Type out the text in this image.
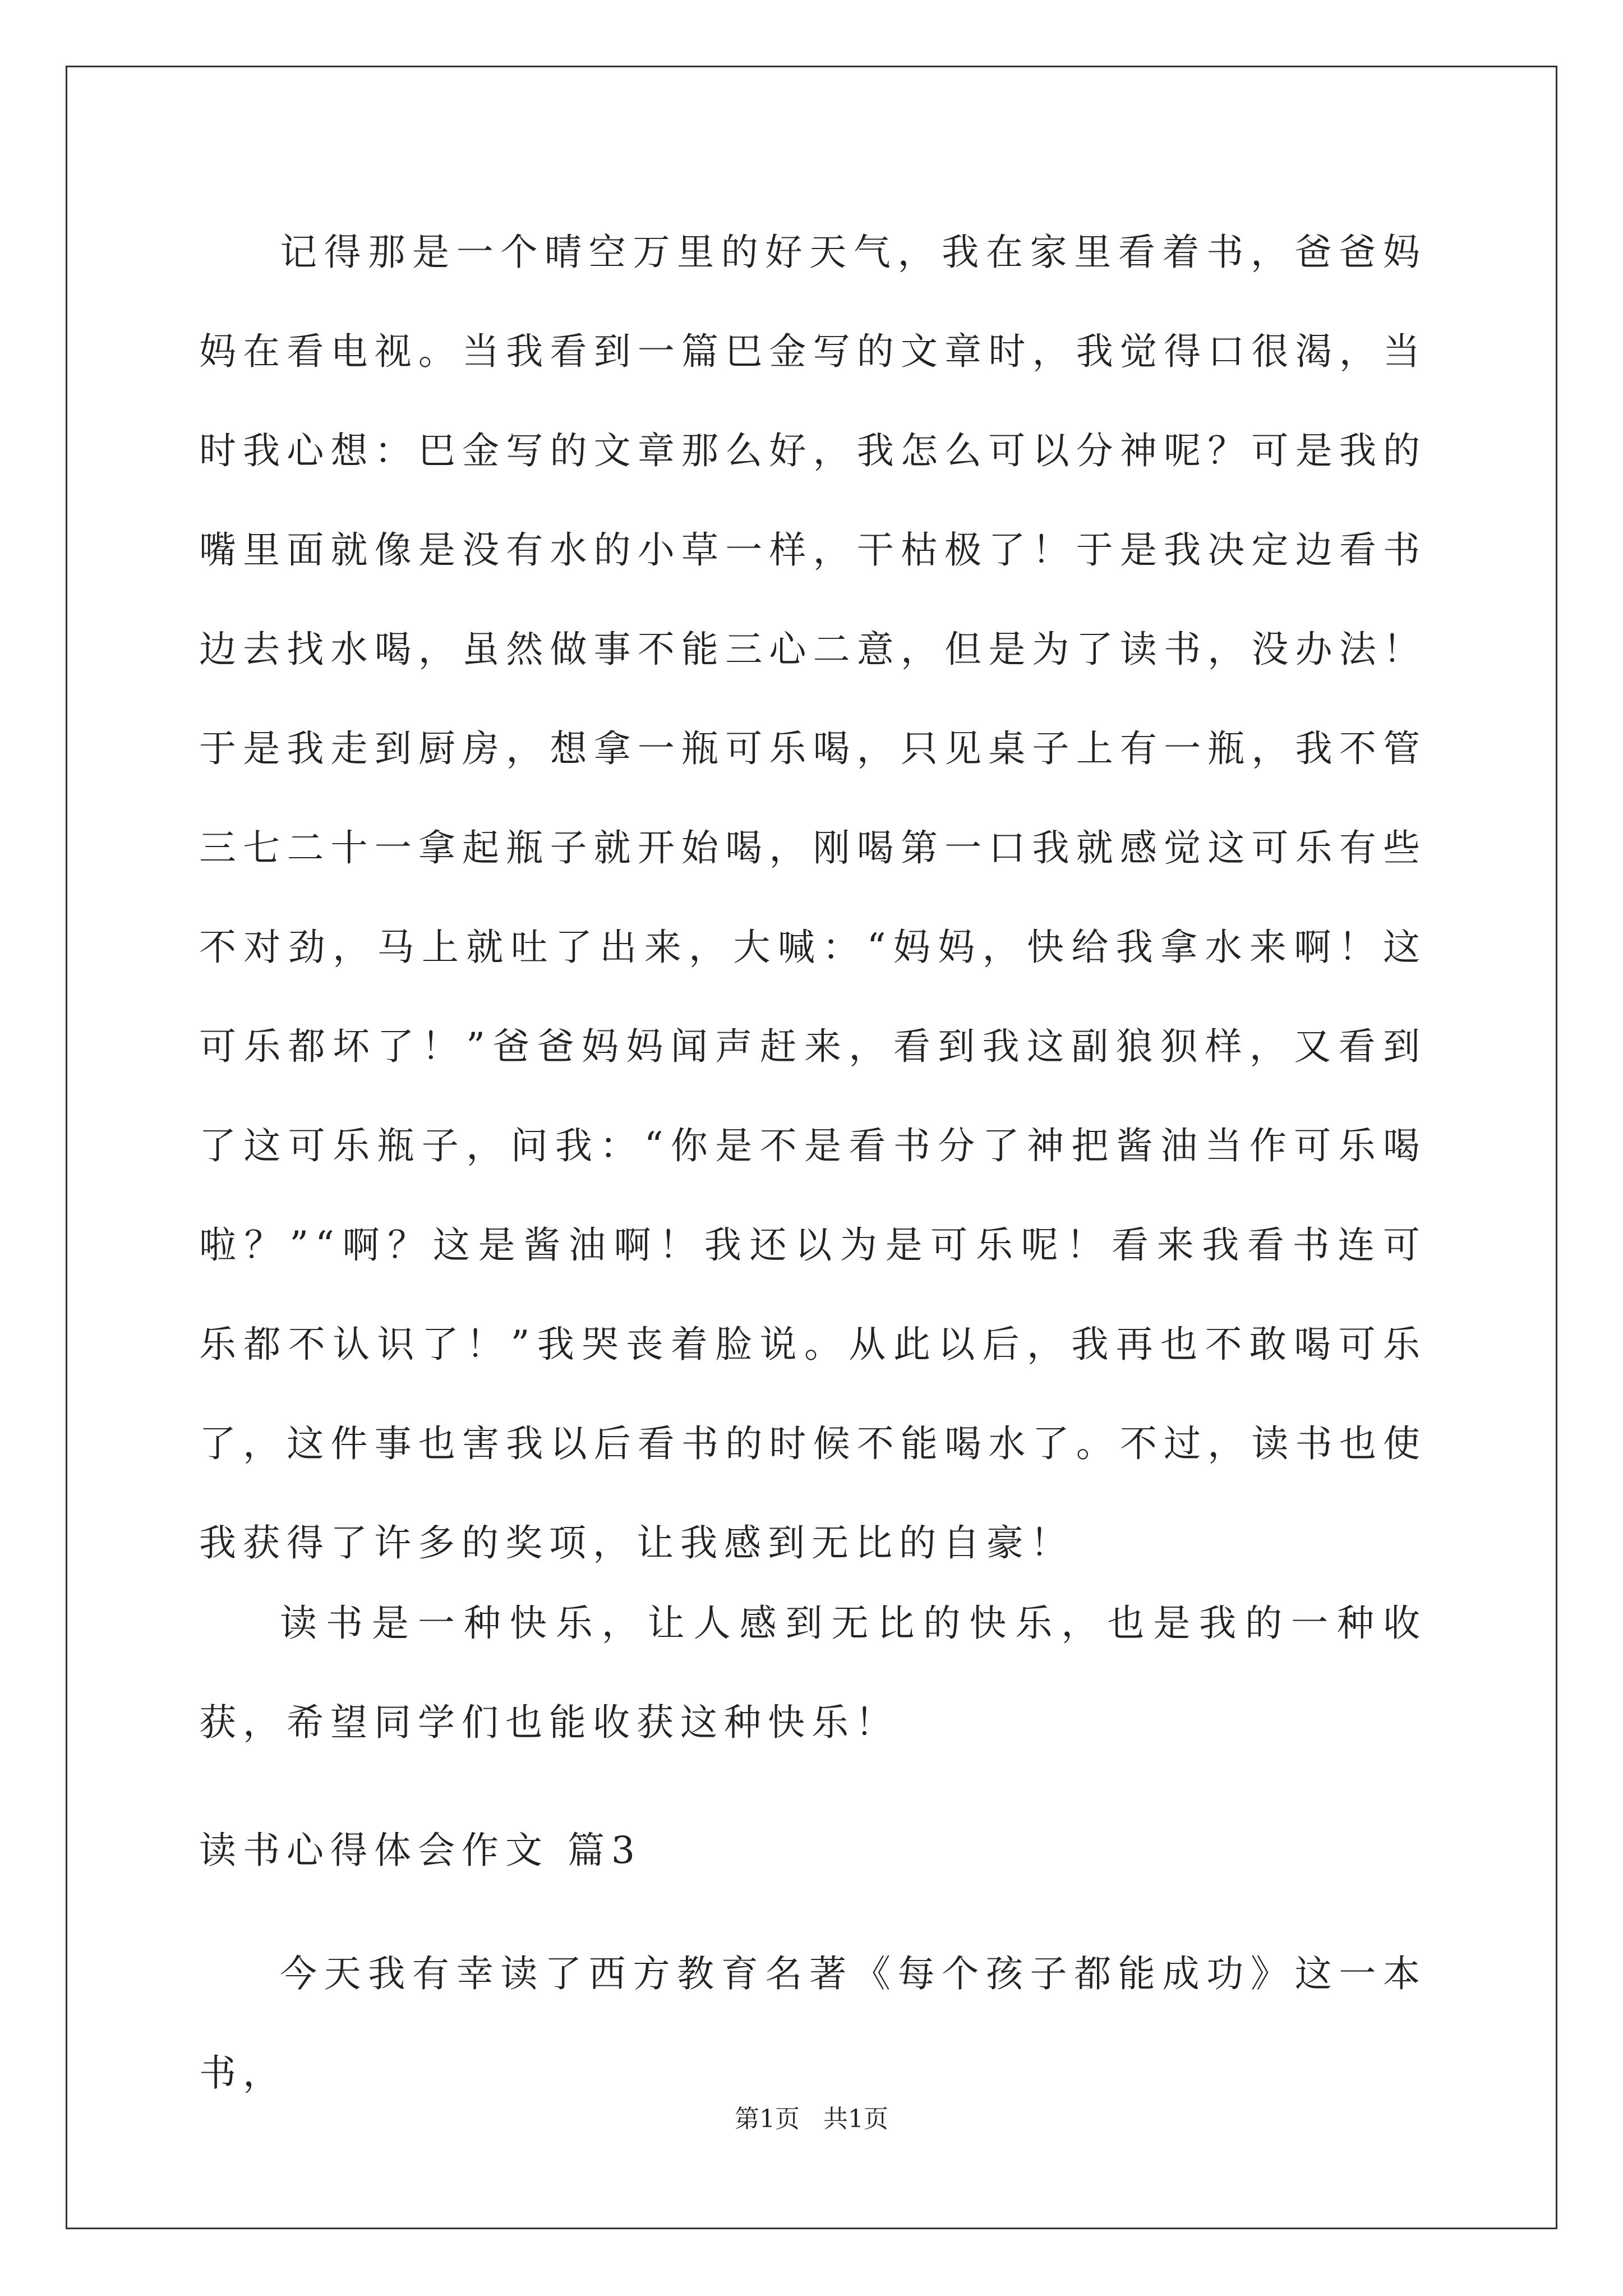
记得那是一个晴空万里的好天气，我在家里看着书，爸爸妈妈在看电视。当我看到一篇巴金写的文章时，我觉得口很渴，当时我心想：巴金写的文章那么好，我怎么可以分神呢？可是我的嘴里面就像是没有水的小草一样，干枯极了！于是我决定边看书边去找水喝，虽然做事不能三心二意，但是为了读书，没办法！于是我走到厨房，想拿一瓶可乐喝，只见桌子上有一瓶，我不管三七二十一拿起瓶子就开始喝，刚喝第一口我就感觉这可乐有些不对劲，马上就吐了出来，大喊：“妈妈，快给我拿水来啊！这可乐都坏了！”爸爸妈妈闻声赶来，看到我这副狼狈样，又看到了这可乐瓶子，问我：“你是不是看书分了神把酱油当作可乐喝啦？”“啊？这是酱油啊！我还以为是可乐呢！看来我看书连可乐都不认识了！”我哭丧着脸说。从此以后，我再也不敢喝可乐了，这件事也害我以后看书的时候不能喝水了。不过，读书也使我获得了许多的奖项，让我感到无比的自豪！

读书是一种快乐，让人感到无比的快乐，也是我的一种收获，希望同学们也能收获这种快乐！

读书心得体会作文 篇3

今天我有幸读了西方教育名著《每个孩子都能成功》这一本书，

第1页   共1页
